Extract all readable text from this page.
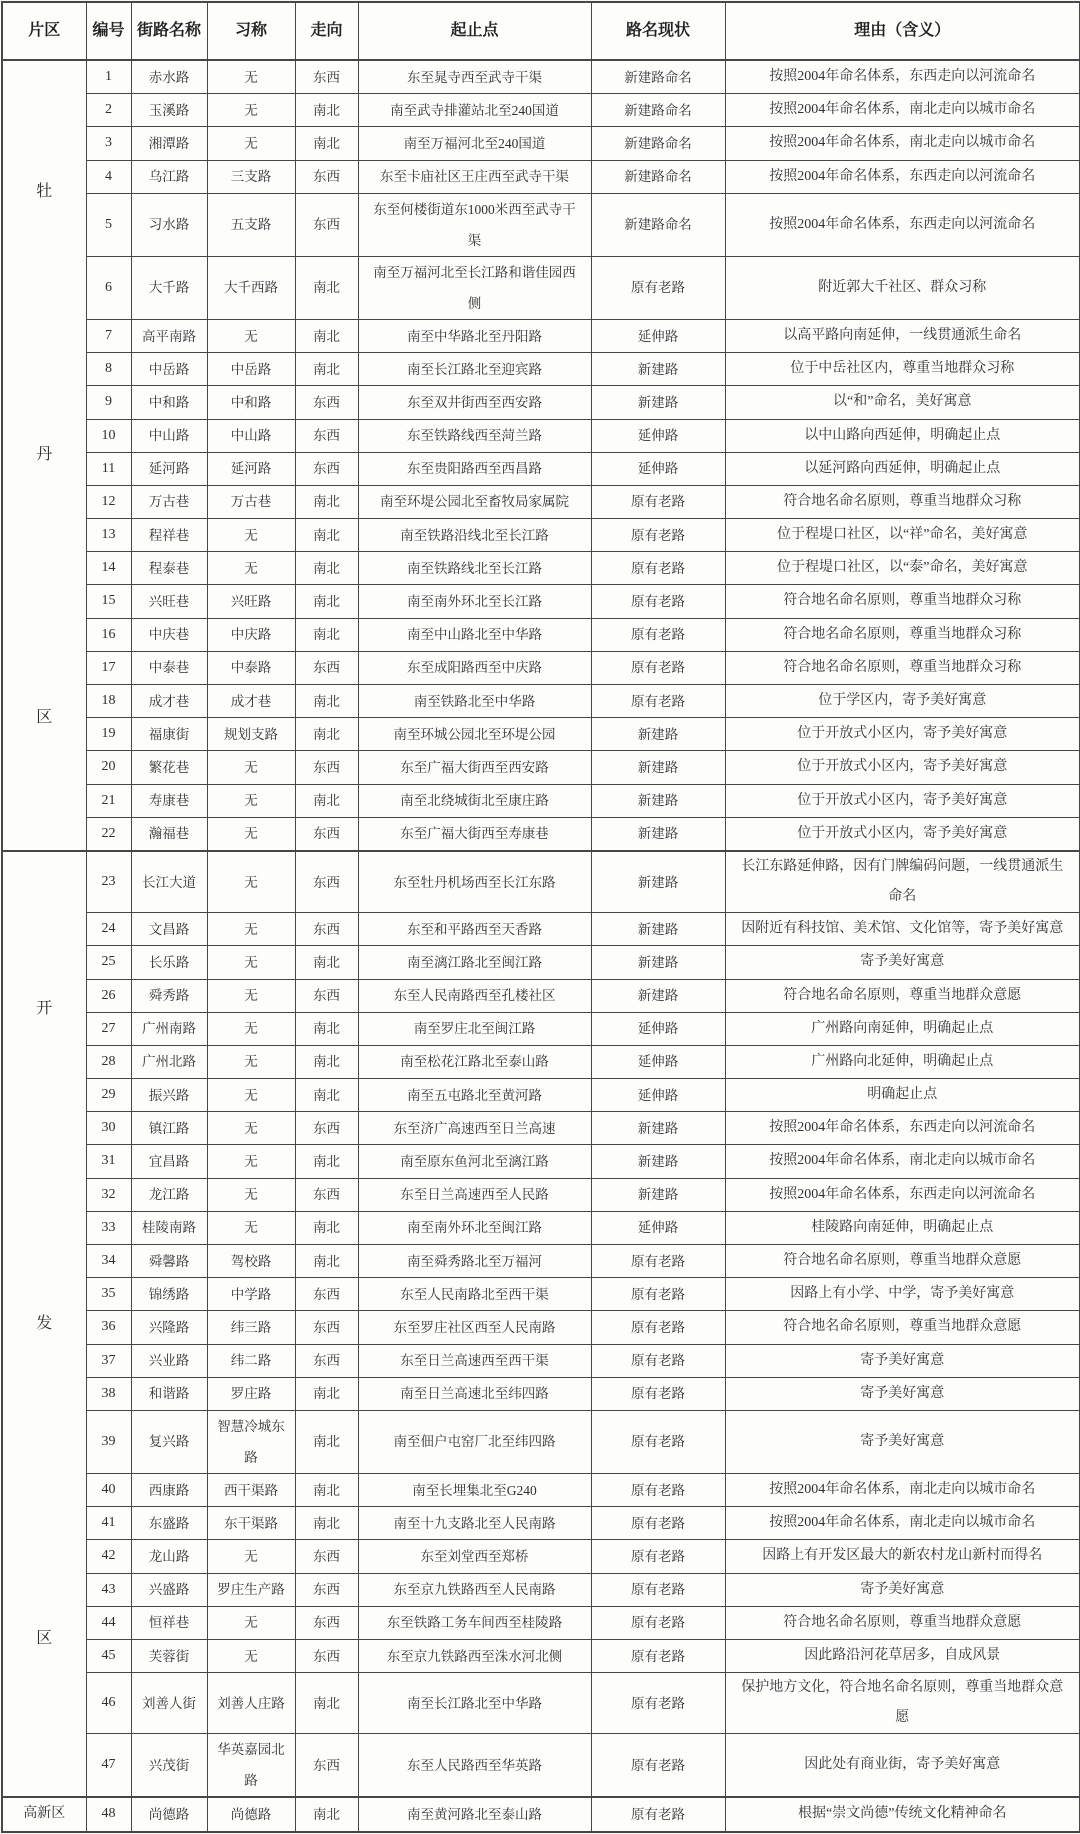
片区	编号	街路名称	习称	走向	起止点	路名现状	理由（含义）

牡
丹
区	1	赤水路	无	东西	东至晁寺西至武寺干渠	新建路命名	按照2004年命名体系，东西走向以河流命名
	2	玉溪路	无	南北	南至武寺排灌站北至240国道	新建路命名	按照2004年命名体系，南北走向以城市命名
	3	湘潭路	无	南北	南至万福河北至240国道	新建路命名	按照2004年命名体系，南北走向以城市命名
	4	乌江路	三支路	东西	东至卡庙社区王庄西至武寺干渠	新建路命名	按照2004年命名体系，东西走向以河流命名
	5	习水路	五支路	东西	东至何楼街道东1000米西至武寺干渠	新建路命名	按照2004年命名体系，东西走向以河流命名
	6	大千路	大千西路	南北	南至万福河北至长江路和谐佳园西侧	原有老路	附近郭大千社区、群众习称
	7	高平南路	无	南北	南至中华路北至丹阳路	延伸路	以高平路向南延伸，一线贯通派生命名
	8	中岳路	中岳路	南北	南至长江路北至迎宾路	新建路	位于中岳社区内，尊重当地群众习称
	9	中和路	中和路	东西	东至双井街西至西安路	新建路	以“和”命名，美好寓意
	10	中山路	中山路	东西	东至铁路线西至菏兰路	延伸路	以中山路向西延伸，明确起止点
	11	延河路	延河路	东西	东至贵阳路西至西昌路	延伸路	以延河路向西延伸，明确起止点
	12	万古巷	万古巷	南北	南至环堤公园北至畜牧局家属院	原有老路	符合地名命名原则，尊重当地群众习称
	13	程祥巷	无	南北	南至铁路沿线北至长江路	原有老路	位于程堤口社区，以“祥”命名，美好寓意
	14	程泰巷	无	南北	南至铁路线北至长江路	原有老路	位于程堤口社区，以“泰”命名，美好寓意
	15	兴旺巷	兴旺路	南北	南至南外环北至长江路	原有老路	符合地名命名原则，尊重当地群众习称
	16	中庆巷	中庆路	南北	南至中山路北至中华路	原有老路	符合地名命名原则，尊重当地群众习称
	17	中泰巷	中泰路	东西	东至成阳路西至中庆路	原有老路	符合地名命名原则，尊重当地群众习称
	18	成才巷	成才巷	南北	南至铁路北至中华路	原有老路	位于学区内，寄予美好寓意
	19	福康街	规划支路	南北	南至环城公园北至环堤公园	新建路	位于开放式小区内，寄予美好寓意
	20	繁花巷	无	东西	东至广福大街西至西安路	新建路	位于开放式小区内，寄予美好寓意
	21	寿康巷	无	南北	南至北绕城街北至康庄路	新建路	位于开放式小区内，寄予美好寓意
	22	瀚福巷	无	东西	东至广福大街西至寿康巷	新建路	位于开放式小区内，寄予美好寓意

开
发
区	23	长江大道	无	东西	东至牡丹机场西至长江东路	新建路	长江东路延伸路，因有门牌编码问题，一线贯通派生命名
	24	文昌路	无	东西	东至和平路西至天香路	新建路	因附近有科技馆、美术馆、文化馆等，寄予美好寓意
	25	长乐路	无	南北	南至漓江路北至闽江路	新建路	寄予美好寓意
	26	舜秀路	无	东西	东至人民南路西至孔楼社区	新建路	符合地名命名原则，尊重当地群众意愿
	27	广州南路	无	南北	南至罗庄北至闽江路	延伸路	广州路向南延伸，明确起止点
	28	广州北路	无	南北	南至松花江路北至泰山路	延伸路	广州路向北延伸，明确起止点
	29	振兴路	无	南北	南至五屯路北至黄河路	延伸路	明确起止点
	30	镇江路	无	东西	东至济广高速西至日兰高速	新建路	按照2004年命名体系，东西走向以河流命名
	31	宜昌路	无	南北	南至原东鱼河北至漓江路	新建路	按照2004年命名体系，南北走向以城市命名
	32	龙江路	无	东西	东至日兰高速西至人民路	新建路	按照2004年命名体系，东西走向以河流命名
	33	桂陵南路	无	南北	南至南外环北至闽江路	延伸路	桂陵路向南延伸，明确起止点
	34	舜馨路	驾校路	南北	南至舜秀路北至万福河	原有老路	符合地名命名原则，尊重当地群众意愿
	35	锦绣路	中学路	东西	东至人民南路北至西干渠	原有老路	因路上有小学、中学，寄予美好寓意
	36	兴隆路	纬三路	东西	东至罗庄社区西至人民南路	原有老路	符合地名命名原则，尊重当地群众意愿
	37	兴业路	纬二路	东西	东至日兰高速西至西干渠	原有老路	寄予美好寓意
	38	和谐路	罗庄路	南北	南至日兰高速北至纬四路	原有老路	寄予美好寓意
	39	复兴路	智慧冷城东路	南北	南至佃户屯窑厂北至纬四路	原有老路	寄予美好寓意
	40	西康路	西干渠路	南北	南至长埋集北至G240	原有老路	按照2004年命名体系，南北走向以城市命名
	41	东盛路	东干渠路	南北	南至十九支路北至人民南路	原有老路	按照2004年命名体系，南北走向以城市命名
	42	龙山路	无	东西	东至刘堂西至郑桥	原有老路	因路上有开发区最大的新农村龙山新村而得名
	43	兴盛路	罗庄生产路	东西	东至京九铁路西至人民南路	原有老路	寄予美好寓意
	44	恒祥巷	无	东西	东至铁路工务车间西至桂陵路	原有老路	符合地名命名原则，尊重当地群众意愿
	45	芙蓉街	无	东西	东至京九铁路西至洙水河北侧	原有老路	因此路沿河花草居多，自成风景
	46	刘善人街	刘善人庄路	南北	南至长江路北至中华路	原有老路	保护地方文化，符合地名命名原则，尊重当地群众意愿
	47	兴茂街	华英嘉园北路	东西	东至人民路西至华英路	原有老路	因此处有商业街，寄予美好寓意
高新区	48	尚德路	尚德路	南北	南至黄河路北至泰山路	原有老路	根据“崇文尚德”传统文化精神命名
